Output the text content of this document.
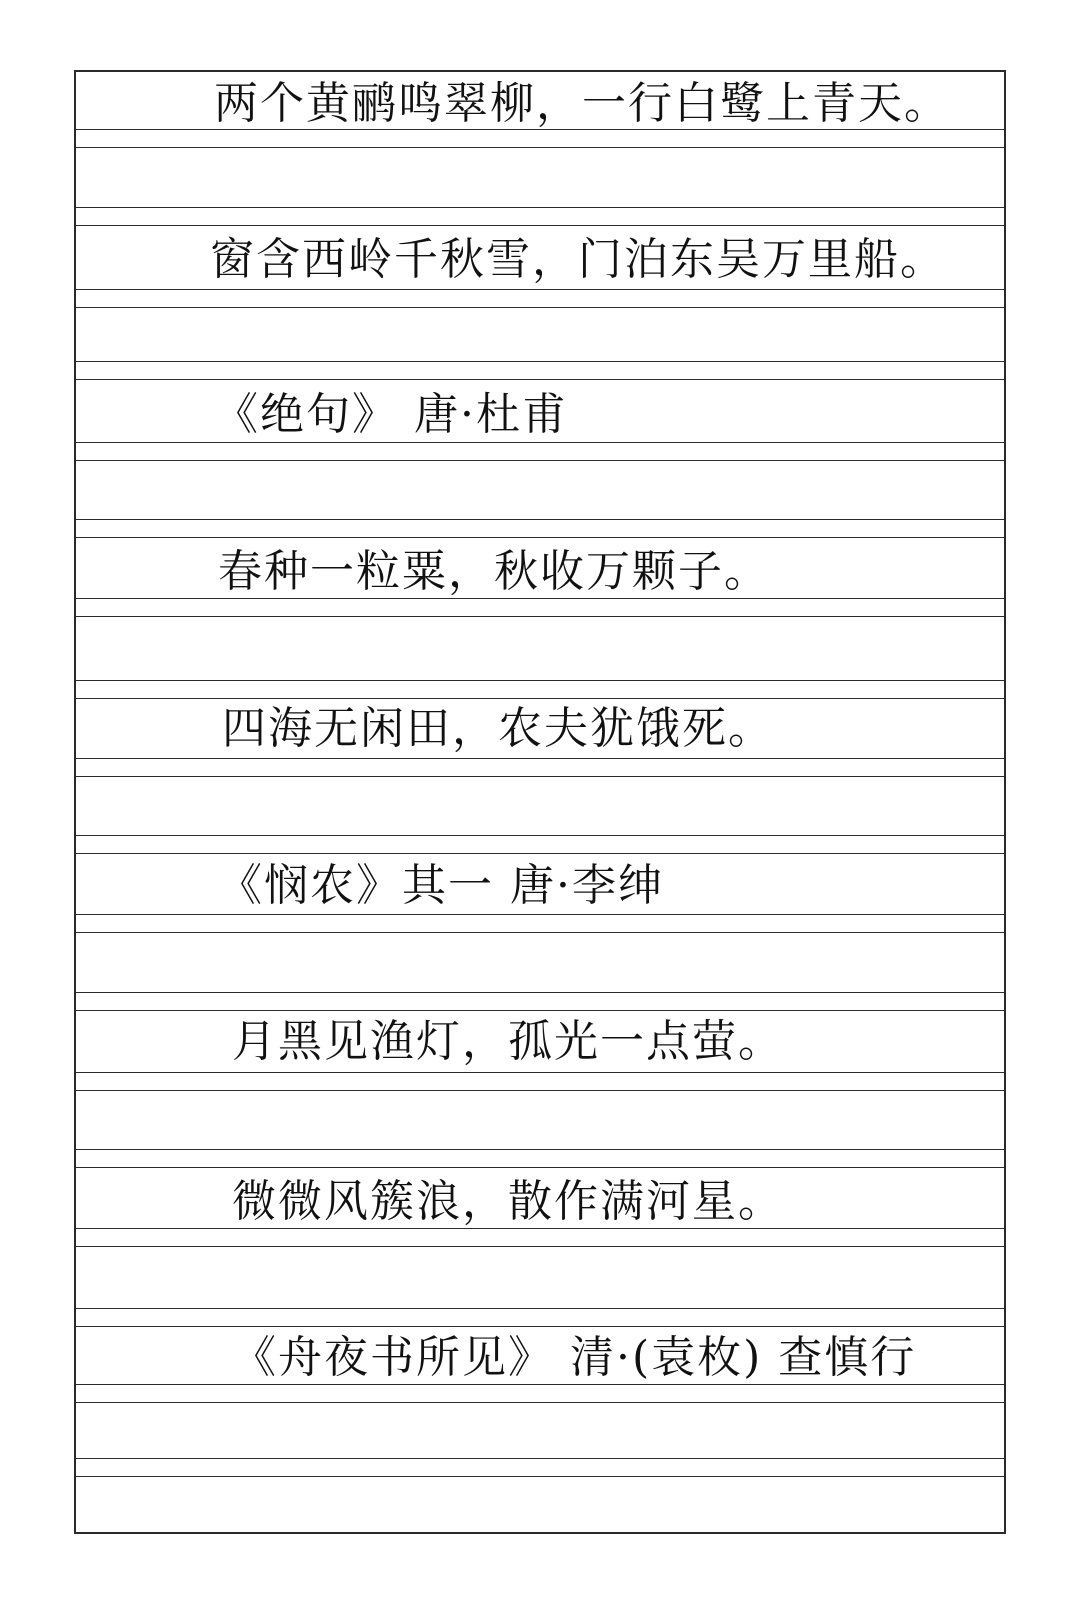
两个黄鹂鸣翠柳，一行白鹭上青天。
窗含西岭千秋雪，门泊东吴万里船。
《绝句》 唐·杜甫
春种一粒粟，秋收万颗子。
四海无闲田，农夫犹饿死。
《悯农》其一 唐·李绅
月黑见渔灯，孤光一点萤。
微微风簇浪，散作满河星。
《舟夜书所见》 清·(袁枚) 查慎行
